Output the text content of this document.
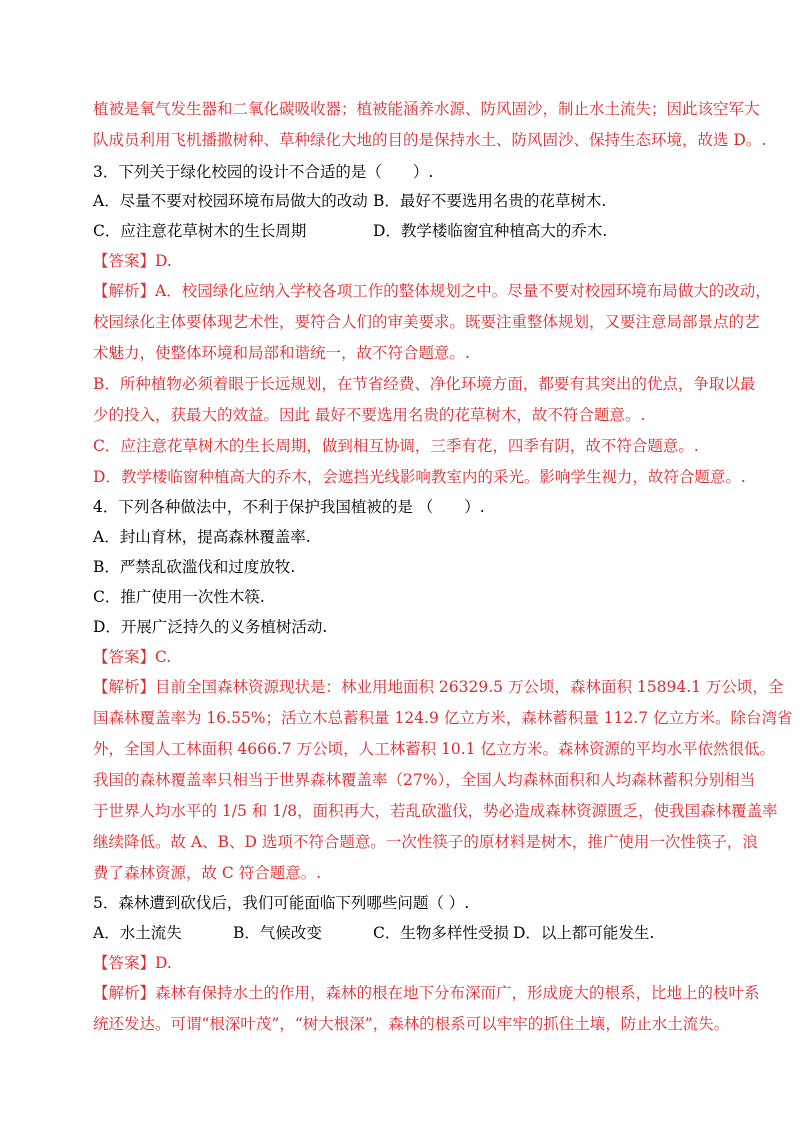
植被是氧气发生器和二氧化碳吸收器；植被能涵养水源、防风固沙，制止水土流失；因此该空军大
队成员利用飞机播撒树种、草种绿化大地的目的是保持水土、防风固沙、保持生态环境，故选 D。.
3．下列关于绿化校园的设计不合适的是（　　）.
A．尽量不要对校园环境布局做大的改动 B．最好不要选用名贵的花草树木.
C．应注意花草树木的生长周期	D．教学楼临窗宜种植高大的乔木.
【答案】D.
【解析】A．校园绿化应纳入学校各项工作的整体规划之中。尽量不要对校园环境布局做大的改动，
校园绿化主体要体现艺术性，要符合人们的审美要求。既要注重整体规划，又要注意局部景点的艺
术魅力，使整体环境和局部和谐统一，故不符合题意。.
B．所种植物必须着眼于长远规划，在节省经费、净化环境方面，都要有其突出的优点，争取以最
少的投入，获最大的效益。因此 最好不要选用名贵的花草树木，故不符合题意。.
C．应注意花草树木的生长周期，做到相互协调，三季有花，四季有阴，故不符合题意。.
D．教学楼临窗种植高大的乔木，会遮挡光线影响教室内的采光。影响学生视力，故符合题意。.
4．下列各种做法中，不利于保护我国植被的是 （　　）.
A．封山育林，提高森林覆盖率.
B．严禁乱砍滥伐和过度放牧.
C．推广使用一次性木筷.
D．开展广泛持久的义务植树活动.
【答案】C.
【解析】目前全国森林资源现状是：林业用地面积 26329.5 万公顷，森林面积 15894.1 万公顷，全
国森林覆盖率为 16.55%；活立木总蓄积量 124.9 亿立方米，森林蓄积量 112.7 亿立方米。除台湾省
外，全国人工林面积 4666.7 万公顷，人工林蓄积 10.1 亿立方米。森林资源的平均水平依然很低。
我国的森林覆盖率只相当于世界森林覆盖率（27%），全国人均森林面积和人均森林蓄积分别相当
于世界人均水平的 1/5 和 1/8，面积再大，若乱砍滥伐，势必造成森林资源匮乏，使我国森林覆盖率
继续降低。故 A、B、D 选项不符合题意。一次性筷子的原材料是树木，推广使用一次性筷子，浪
费了森林资源，故 C 符合题意。.
5．森林遭到砍伐后，我们可能面临下列哪些问题（ ）.
A．水土流失	B．气候改变	C．生物多样性受损 D．以上都可能发生.
【答案】D.
【解析】森林有保持水土的作用，森林的根在地下分布深而广，形成庞大的根系，比地上的枝叶系
统还发达。可谓“根深叶茂”，“树大根深”，森林的根系可以牢牢的抓住土壤，防止水土流失。
